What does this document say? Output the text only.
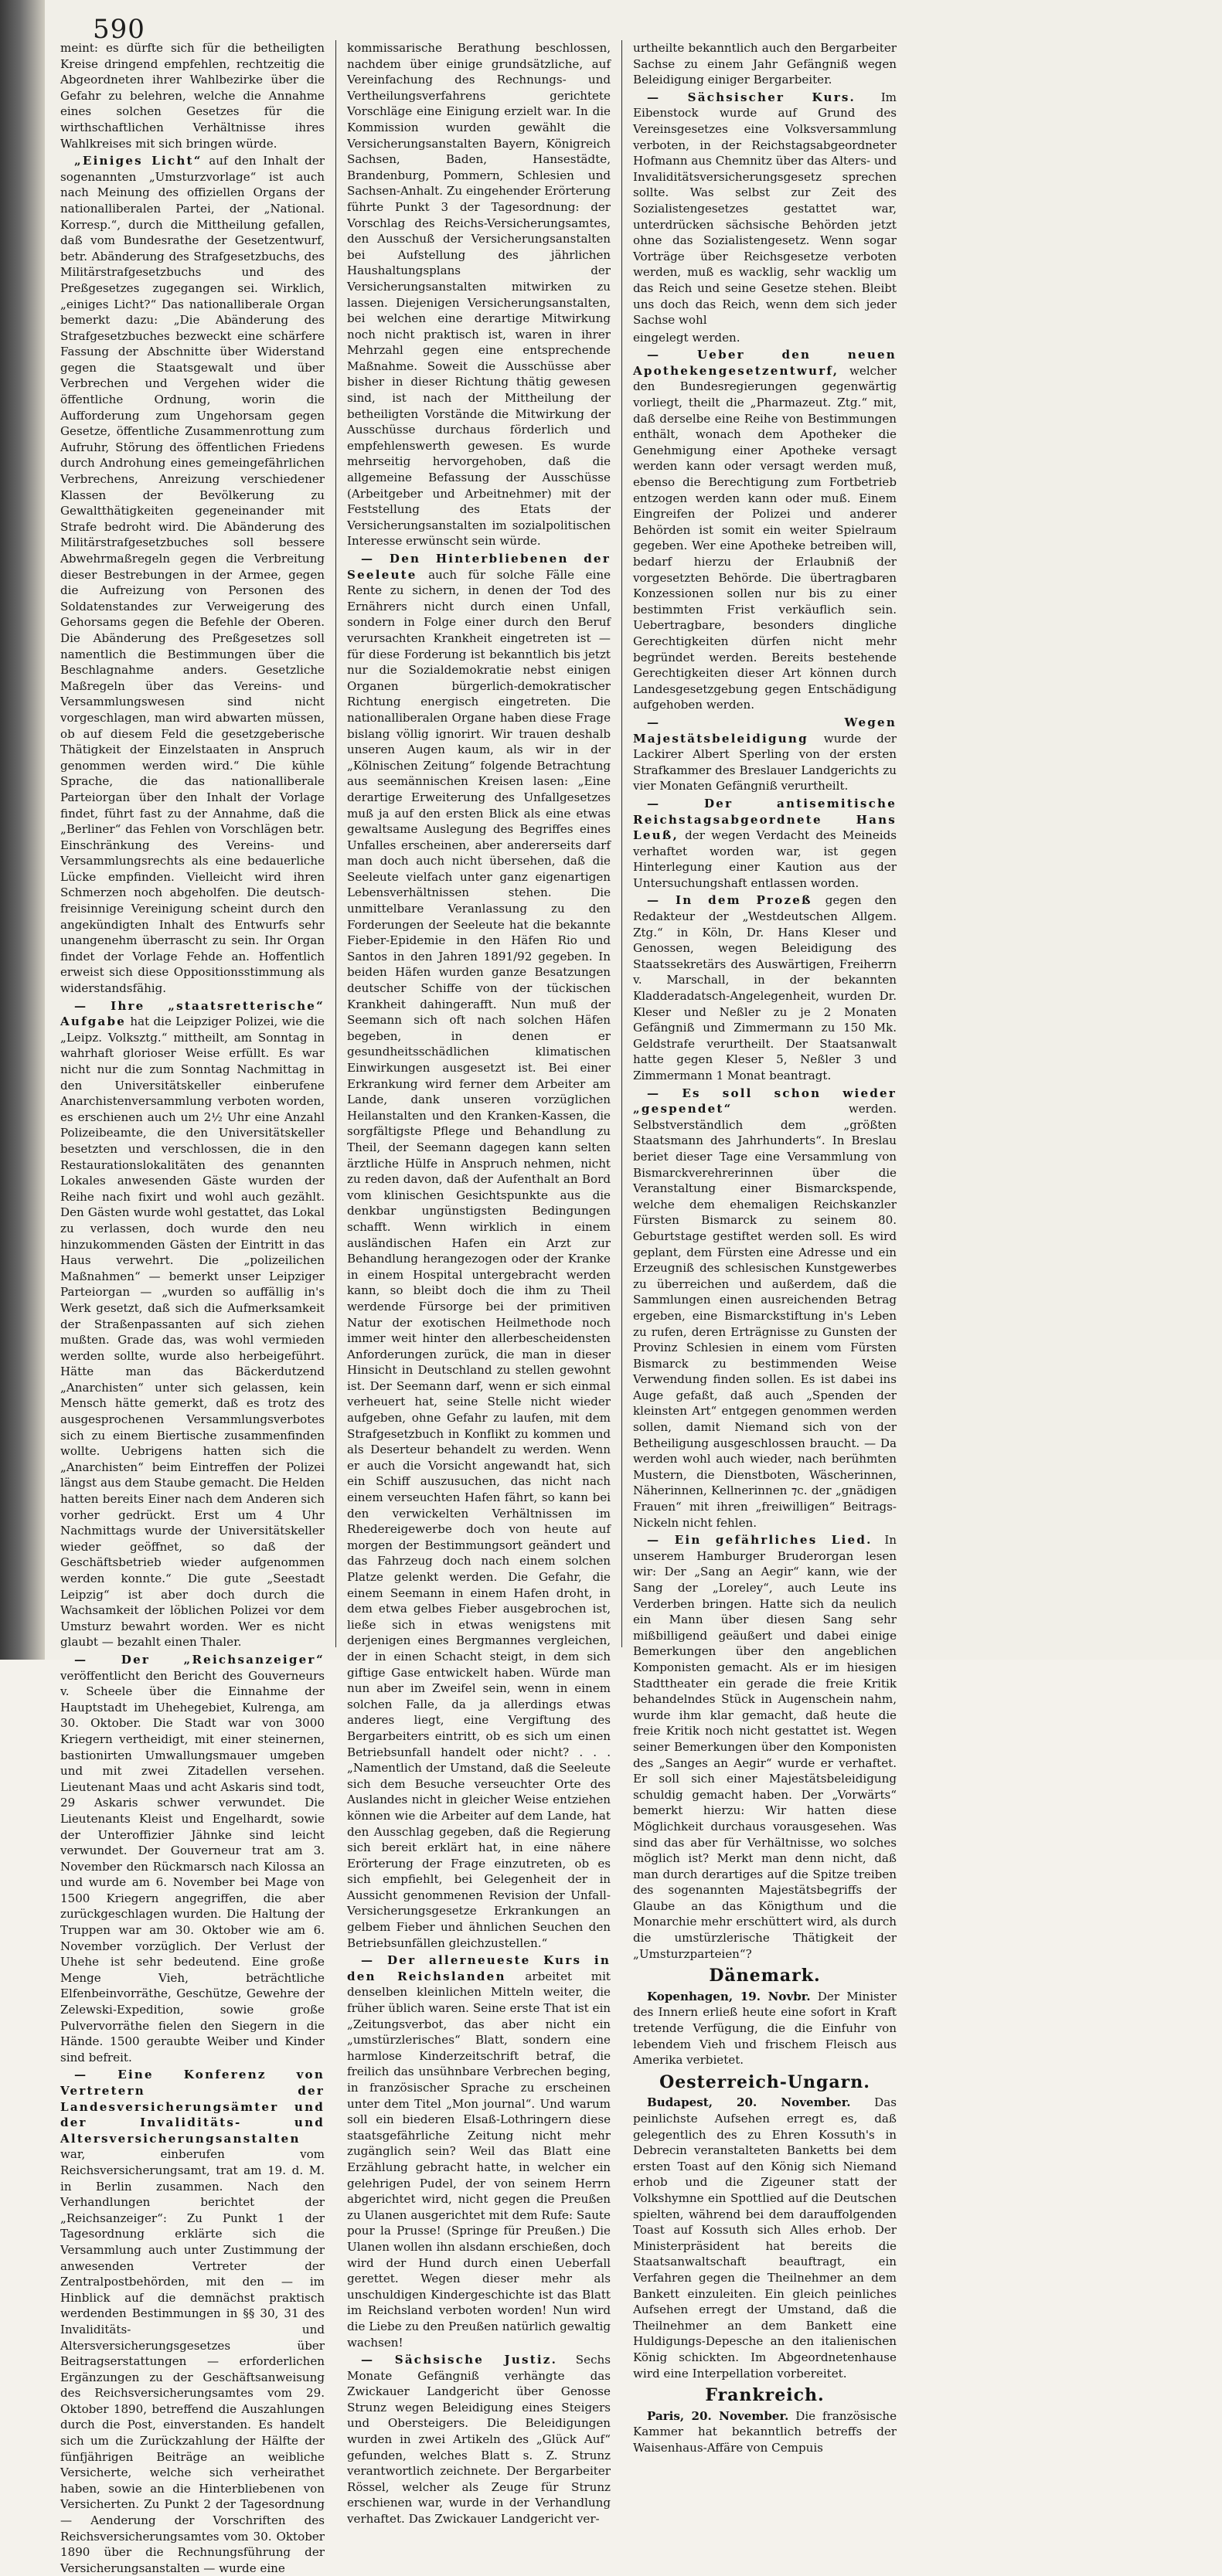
590

meint: es dürfte sich für die betheiligten Kreise dringend empfehlen, rechtzeitig die Abgeordneten ihrer Wahlbezirke über die Gefahr zu belehren, welche die Annahme eines solchen Gesetzes für die wirthschaftlichen Verhältnisse ihres Wahlkreises mit sich bringen würde.

„Einiges Licht“ auf den Inhalt der sogenannten „Umsturzvorlage“ ist auch nach Meinung des offiziellen Organs der nationalliberalen Partei, der „National. Korresp.“, durch die Mittheilung gefallen, daß vom Bundesrathe der Gesetzentwurf, betr. Abänderung des Strafgesetzbuchs, des Militärstrafgesetzbuchs und des Preßgesetzes zugegangen sei. Wirklich, „einiges Licht?“ Das nationalliberale Organ bemerkt dazu: „Die Abänderung des Strafgesetzbuches bezweckt eine schärfere Fassung der Abschnitte über Widerstand gegen die Staatsgewalt und über Verbrechen und Vergehen wider die öffentliche Ordnung, worin die Aufforderung zum Ungehorsam gegen Gesetze, öffentliche Zusammenrottung zum Aufruhr, Störung des öffentlichen Friedens durch Androhung eines gemeingefährlichen Verbrechens, Anreizung verschiedener Klassen der Bevölkerung zu Gewaltthätigkeiten gegeneinander mit Strafe bedroht wird. Die Abänderung des Militärstrafgesetzbuches soll bessere Abwehrmaßregeln gegen die Verbreitung dieser Bestrebungen in der Armee, gegen die Aufreizung von Personen des Soldatenstandes zur Verweigerung des Gehorsams gegen die Befehle der Oberen. Die Abänderung des Preßgesetzes soll namentlich die Bestimmungen über die Beschlagnahme anders. Gesetzliche Maßregeln über das Vereins- und Versammlungswesen sind nicht vorgeschlagen, man wird abwarten müssen, ob auf diesem Feld die gesetzgeberische Thätigkeit der Einzelstaaten in Anspruch genommen werden wird.“ Die kühle Sprache, die das nationalliberale Parteiorgan über den Inhalt der Vorlage findet, führt fast zu der Annahme, daß die „Berliner“ das Fehlen von Vorschlägen betr. Einschränkung des Vereins- und Versammlungsrechts als eine bedauerliche Lücke empfinden. Vielleicht wird ihren Schmerzen noch abgeholfen. Die deutsch-freisinnige Vereinigung scheint durch den angekündigten Inhalt des Entwurfs sehr unangenehm überrascht zu sein. Ihr Organ findet der Vorlage Fehde an. Hoffentlich erweist sich diese Oppositionsstimmung als widerstandsfähig.

— Ihre „staatsretterische“ Aufgabe hat die Leipziger Polizei, wie die „Leipz. Volksztg.“ mittheilt, am Sonntag in wahrhaft glorioser Weise erfüllt. Es war nicht nur die zum Sonntag Nachmittag in den Universitätskeller einberufene Anarchistenversammlung verboten worden, es erschienen auch um 2½ Uhr eine Anzahl Polizeibeamte, die den Universitätskeller besetzten und verschlossen, die in den Restaurationslokalitäten des genannten Lokales anwesenden Gäste wurden der Reihe nach fixirt und wohl auch gezählt. Den Gästen wurde wohl gestattet, das Lokal zu verlassen, doch wurde den neu hinzukommenden Gästen der Eintritt in das Haus verwehrt. Die „polizeilichen Maßnahmen“ — bemerkt unser Leipziger Parteiorgan — „wurden so auffällig in's Werk gesetzt, daß sich die Aufmerksamkeit der Straßenpassanten auf sich ziehen mußten. Grade das, was wohl vermieden werden sollte, wurde also herbeigeführt. Hätte man das Bäckerdutzend „Anarchisten“ unter sich gelassen, kein Mensch hätte gemerkt, daß es trotz des ausgesprochenen Versammlungsverbotes sich zu einem Biertische zusammenfinden wollte. Uebrigens hatten sich die „Anarchisten“ beim Eintreffen der Polizei längst aus dem Staube gemacht. Die Helden hatten bereits Einer nach dem Anderen sich vorher gedrückt. Erst um 4 Uhr Nachmittags wurde der Universitätskeller wieder geöffnet, so daß der Geschäftsbetrieb wieder aufgenommen werden konnte.“ Die gute „Seestadt Leipzig“ ist aber doch durch die Wachsamkeit der löblichen Polizei vor dem Umsturz bewahrt worden. Wer es nicht glaubt — bezahlt einen Thaler.

— Der „Reichsanzeiger“ veröffentlicht den Bericht des Gouverneurs v. Scheele über die Einnahme der Hauptstadt im Uhehegebiet, Kulrenga, am 30. Oktober. Die Stadt war von 3000 Kriegern vertheidigt, mit einer steinernen, bastionirten Umwallungsmauer umgeben und mit zwei Zitadellen versehen. Lieutenant Maas und acht Askaris sind todt, 29 Askaris schwer verwundet. Die Lieutenants Kleist und Engelhardt, sowie der Unteroffizier Jähnke sind leicht verwundet. Der Gouverneur trat am 3. November den Rückmarsch nach Kilossa an und wurde am 6. November bei Mage von 1500 Kriegern angegriffen, die aber zurückgeschlagen wurden. Die Haltung der Truppen war am 30. Oktober wie am 6. November vorzüglich. Der Verlust der Uhehe ist sehr bedeutend. Eine große Menge Vieh, beträchtliche Elfenbeinvorräthe, Geschütze, Gewehre der Zelewski-Expedition, sowie große Pulvervorräthe fielen den Siegern in die Hände. 1500 geraubte Weiber und Kinder sind befreit.

— Eine Konferenz von Vertretern der Landesversicherungsämter und der Invaliditäts- und Altersversicherungsanstalten war, einberufen vom Reichsversicherungsamt, trat am 19. d. M. in Berlin zusammen. Nach den Verhandlungen berichtet der „Reichsanzeiger“: Zu Punkt 1 der Tagesordnung erklärte sich die Versammlung auch unter Zustimmung der anwesenden Vertreter der Zentralpostbehörden, mit den — im Hinblick auf die demnächst praktisch werdenden Bestimmungen in §§ 30, 31 des Invaliditäts- und Altersversicherungsgesetzes über Beitragserstattungen — erforderlichen Ergänzungen zu der Geschäftsanweisung des Reichsversicherungsamtes vom 29. Oktober 1890, betreffend die Auszahlungen durch die Post, einverstanden. Es handelt sich um die Zurückzahlung der Hälfte der fünfjährigen Beiträge an weibliche Versicherte, welche sich verheirathet haben, sowie an die Hinterbliebenen von Versicherten. Zu Punkt 2 der Tagesordnung — Aenderung der Vorschriften des Reichsversicherungsamtes vom 30. Oktober 1890 über die Rechnungsführung der Versicherungsanstalten — wurde eine

kommissarische Berathung beschlossen, nachdem über einige grundsätzliche, auf Vereinfachung des Rechnungs- und Vertheilungsverfahrens gerichtete Vorschläge eine Einigung erzielt war. In die Kommission wurden gewählt die Versicherungsanstalten Bayern, Königreich Sachsen, Baden, Hansestädte, Brandenburg, Pommern, Schlesien und Sachsen-Anhalt. Zu eingehender Erörterung führte Punkt 3 der Tagesordnung: der Vorschlag des Reichs-Versicherungsamtes, den Ausschuß der Versicherungsanstalten bei Aufstellung des jährlichen Haushaltungsplans der Versicherungsanstalten mitwirken zu lassen. Diejenigen Versicherungsanstalten, bei welchen eine derartige Mitwirkung noch nicht praktisch ist, waren in ihrer Mehrzahl gegen eine entsprechende Maßnahme. Soweit die Ausschüsse aber bisher in dieser Richtung thätig gewesen sind, ist nach der Mittheilung der betheiligten Vorstände die Mitwirkung der Ausschüsse durchaus förderlich und empfehlenswerth gewesen. Es wurde mehrseitig hervorgehoben, daß die allgemeine Befassung der Ausschüsse (Arbeitgeber und Arbeitnehmer) mit der Feststellung des Etats der Versicherungsanstalten im sozialpolitischen Interesse erwünscht sein würde.

— Den Hinterbliebenen der Seeleute auch für solche Fälle eine Rente zu sichern, in denen der Tod des Ernährers nicht durch einen Unfall, sondern in Folge einer durch den Beruf verursachten Krankheit eingetreten ist — für diese Forderung ist bekanntlich bis jetzt nur die Sozialdemokratie nebst einigen Organen bürgerlich-demokratischer Richtung energisch eingetreten. Die nationalliberalen Organe haben diese Frage bislang völlig ignorirt. Wir trauen deshalb unseren Augen kaum, als wir in der „Kölnischen Zeitung“ folgende Betrachtung aus seemännischen Kreisen lasen: „Eine derartige Erweiterung des Unfallgesetzes muß ja auf den ersten Blick als eine etwas gewaltsame Auslegung des Begriffes eines Unfalles erscheinen, aber andererseits darf man doch auch nicht übersehen, daß die Seeleute vielfach unter ganz eigenartigen Lebensverhältnissen stehen. Die unmittelbare Veranlassung zu den Forderungen der Seeleute hat die bekannte Fieber-Epidemie in den Häfen Rio und Santos in den Jahren 1891/92 gegeben. In beiden Häfen wurden ganze Besatzungen deutscher Schiffe von der tückischen Krankheit dahingerafft. Nun muß der Seemann sich oft nach solchen Häfen begeben, in denen er gesundheitsschädlichen klimatischen Einwirkungen ausgesetzt ist. Bei einer Erkrankung wird ferner dem Arbeiter am Lande, dank unseren vorzüglichen Heilanstalten und den Kranken-Kassen, die sorgfältigste Pflege und Behandlung zu Theil, der Seemann dagegen kann selten ärztliche Hülfe in Anspruch nehmen, nicht zu reden davon, daß der Aufenthalt an Bord vom klinischen Gesichtspunkte aus die denkbar ungünstigsten Bedingungen schafft. Wenn wirklich in einem ausländischen Hafen ein Arzt zur Behandlung herangezogen oder der Kranke in einem Hospital untergebracht werden kann, so bleibt doch die ihm zu Theil werdende Fürsorge bei der primitiven Natur der exotischen Heilmethode noch immer weit hinter den allerbescheidensten Anforderungen zurück, die man in dieser Hinsicht in Deutschland zu stellen gewohnt ist. Der Seemann darf, wenn er sich einmal verheuert hat, seine Stelle nicht wieder aufgeben, ohne Gefahr zu laufen, mit dem Strafgesetzbuch in Konflikt zu kommen und als Deserteur behandelt zu werden. Wenn er auch die Vorsicht angewandt hat, sich ein Schiff auszusuchen, das nicht nach einem verseuchten Hafen fährt, so kann bei den verwickelten Verhältnissen im Rhedereigewerbe doch von heute auf morgen der Bestimmungsort geändert und das Fahrzeug doch nach einem solchen Platze gelenkt werden. Die Gefahr, die einem Seemann in einem Hafen droht, in dem etwa gelbes Fieber ausgebrochen ist, ließe sich in etwas wenigstens mit derjenigen eines Bergmannes vergleichen, der in einen Schacht steigt, in dem sich giftige Gase entwickelt haben. Würde man nun aber im Zweifel sein, wenn in einem solchen Falle, da ja allerdings etwas anderes liegt, eine Vergiftung des Bergarbeiters eintritt, ob es sich um einen Betriebsunfall handelt oder nicht? . . . „Namentlich der Umstand, daß die Seeleute sich dem Besuche verseuchter Orte des Auslandes nicht in gleicher Weise entziehen können wie die Arbeiter auf dem Lande, hat den Ausschlag gegeben, daß die Regierung sich bereit erklärt hat, in eine nähere Erörterung der Frage einzutreten, ob es sich empfiehlt, bei Gelegenheit der in Aussicht genommenen Revision der Unfall-Versicherungsgesetze Erkrankungen an gelbem Fieber und ähnlichen Seuchen den Betriebsunfällen gleichzustellen.“

— Der allerneueste Kurs in den Reichslanden arbeitet mit denselben kleinlichen Mitteln weiter, die früher üblich waren. Seine erste That ist ein „Zeitungsverbot, das aber nicht ein „umstürzlerisches“ Blatt, sondern eine harmlose Kinderzeitschrift betraf, die freilich das unsühnbare Verbrechen beging, in französischer Sprache zu erscheinen unter dem Titel „Mon journal“. Und warum soll ein biederen Elsaß-Lothringern diese staatsgefährliche Zeitung nicht mehr zugänglich sein? Weil das Blatt eine Erzählung gebracht hatte, in welcher ein gelehrigen Pudel, der von seinem Herrn abgerichtet wird, nicht gegen die Preußen zu Ulanen ausgerichtet mit dem Rufe: Saute pour la Prusse! (Springe für Preußen.) Die Ulanen wollen ihn alsdann erschießen, doch wird der Hund durch einen Ueberfall gerettet. Wegen dieser mehr als unschuldigen Kindergeschichte ist das Blatt im Reichsland verboten worden! Nun wird die Liebe zu den Preußen natürlich gewaltig wachsen!

— Sächsische Justiz. Sechs Monate Gefängniß verhängte das Zwickauer Landgericht über Genosse Strunz wegen Beleidigung eines Steigers und Obersteigers. Die Beleidigungen wurden in zwei Artikeln des „Glück Auf“ gefunden, welches Blatt s. Z. Strunz verantwortlich zeichnete. Der Bergarbeiter Rössel, welcher als Zeuge für Strunz erschienen war, wurde in der Verhandlung verhaftet. Das Zwickauer Landgericht ver-

urtheilte bekanntlich auch den Bergarbeiter Sachse zu einem Jahr Gefängniß wegen Beleidigung einiger Bergarbeiter.

— Sächsischer Kurs. Im Eibenstock wurde auf Grund des Vereinsgesetzes eine Volksversammlung verboten, in der Reichstagsabgeordneter Hofmann aus Chemnitz über das Alters- und Invaliditätsversicherungsgesetz sprechen sollte. Was selbst zur Zeit des Sozialistengesetzes gestattet war, unterdrücken sächsische Behörden jetzt ohne das Sozialistengesetz. Wenn sogar Vorträge über Reichsgesetze verboten werden, muß es wacklig, sehr wacklig um das Reich und seine Gesetze stehen. Bleibt uns doch das Reich, wenn dem sich jeder Sachse wohl

eingelegt werden.

— Ueber den neuen Apothekengesetzentwurf, welcher den Bundesregierungen gegenwärtig vorliegt, theilt die „Pharmazeut. Ztg.“ mit, daß derselbe eine Reihe von Bestimmungen enthält, wonach dem Apotheker die Genehmigung einer Apotheke versagt werden kann oder versagt werden muß, ebenso die Berechtigung zum Fortbetrieb entzogen werden kann oder muß. Einem Eingreifen der Polizei und anderer Behörden ist somit ein weiter Spielraum gegeben. Wer eine Apotheke betreiben will, bedarf hierzu der Erlaubniß der vorgesetzten Behörde. Die übertragbaren Konzessionen sollen nur bis zu einer bestimmten Frist verkäuflich sein. Uebertragbare, besonders dingliche Gerechtigkeiten dürfen nicht mehr begründet werden. Bereits bestehende Gerechtigkeiten dieser Art können durch Landesgesetzgebung gegen Entschädigung aufgehoben werden.

— Wegen Majestätsbeleidigung wurde der Lackirer Albert Sperling von der ersten Strafkammer des Breslauer Landgerichts zu vier Monaten Gefängniß verurtheilt.

— Der antisemitische Reichstagsabgeordnete Hans Leuß, der wegen Verdacht des Meineids verhaftet worden war, ist gegen Hinterlegung einer Kaution aus der Untersuchungshaft entlassen worden.

— In dem Prozeß gegen den Redakteur der „Westdeutschen Allgem. Ztg.“ in Köln, Dr. Hans Kleser und Genossen, wegen Beleidigung des Staatssekretärs des Auswärtigen, Freiherrn v. Marschall, in der bekannten Kladderadatsch-Angelegenheit, wurden Dr. Kleser und Neßler zu je 2 Monaten Gefängniß und Zimmermann zu 150 Mk. Geldstrafe verurtheilt. Der Staatsanwalt hatte gegen Kleser 5, Neßler 3 und Zimmermann 1 Monat beantragt.

— Es soll schon wieder „gespendet“ werden. Selbstverständlich dem „größten Staatsmann des Jahrhunderts“. In Breslau beriet dieser Tage eine Versammlung von Bismarckverehrerinnen über die Veranstaltung einer Bismarckspende, welche dem ehemaligen Reichskanzler Fürsten Bismarck zu seinem 80. Geburtstage gestiftet werden soll. Es wird geplant, dem Fürsten eine Adresse und ein Erzeugniß des schlesischen Kunstgewerbes zu überreichen und außerdem, daß die Sammlungen einen ausreichenden Betrag ergeben, eine Bismarckstiftung in's Leben zu rufen, deren Erträgnisse zu Gunsten der Provinz Schlesien in einem vom Fürsten Bismarck zu bestimmenden Weise Verwendung finden sollen. Es ist dabei ins Auge gefaßt, daß auch „Spenden der kleinsten Art“ entgegen genommen werden sollen, damit Niemand sich von der Betheiligung ausgeschlossen braucht. — Da werden wohl auch wieder, nach berühmten Mustern, die Dienstboten, Wäscherinnen, Näherinnen, Kellnerinnen ⁊c. der „gnädigen Frauen“ mit ihren „freiwilligen“ Beitrags-Nickeln nicht fehlen.

— Ein gefährliches Lied. In unserem Hamburger Bruderorgan lesen wir: Der „Sang an Aegir“ kann, wie der Sang der „Loreley“, auch Leute ins Verderben bringen. Hatte sich da neulich ein Mann über diesen Sang sehr mißbilligend geäußert und dabei einige Bemerkungen über den angeblichen Komponisten gemacht. Als er im hiesigen Stadttheater ein gerade die freie Kritik behandelndes Stück in Augenschein nahm, wurde ihm klar gemacht, daß heute die freie Kritik noch nicht gestattet ist. Wegen seiner Bemerkungen über den Komponisten des „Sanges an Aegir“ wurde er verhaftet. Er soll sich einer Majestätsbeleidigung schuldig gemacht haben. Der „Vorwärts“ bemerkt hierzu: Wir hatten diese Möglichkeit durchaus vorausgesehen. Was sind das aber für Verhältnisse, wo solches möglich ist? Merkt man denn nicht, daß man durch derartiges auf die Spitze treiben des sogenannten Majestätsbegriffs der Glaube an das Königthum und die Monarchie mehr erschüttert wird, als durch die umstürzlerische Thätigkeit der „Umsturzparteien“?

Dänemark.

Kopenhagen, 19. Novbr. Der Minister des Innern erließ heute eine sofort in Kraft tretende Verfügung, die die Einfuhr von lebendem Vieh und frischem Fleisch aus Amerika verbietet.

Oesterreich-Ungarn.

Budapest, 20. November. Das peinlichste Aufsehen erregt es, daß gelegentlich des zu Ehren Kossuth's in Debrecin veranstalteten Banketts bei dem ersten Toast auf den König sich Niemand erhob und die Zigeuner statt der Volkshymne ein Spottlied auf die Deutschen spielten, während bei dem darauffolgenden Toast auf Kossuth sich Alles erhob. Der Ministerpräsident hat bereits die Staatsanwaltschaft beauftragt, ein Verfahren gegen die Theilnehmer an dem Bankett einzuleiten. Ein gleich peinliches Aufsehen erregt der Umstand, daß die Theilnehmer an dem Bankett eine Huldigungs-Depesche an den italienischen König schickten. Im Abgeordnetenhause wird eine Interpellation vorbereitet.

Frankreich.

Paris, 20. November. Die französische Kammer hat bekanntlich betreffs der Waisenhaus-Affäre von Cempuis
